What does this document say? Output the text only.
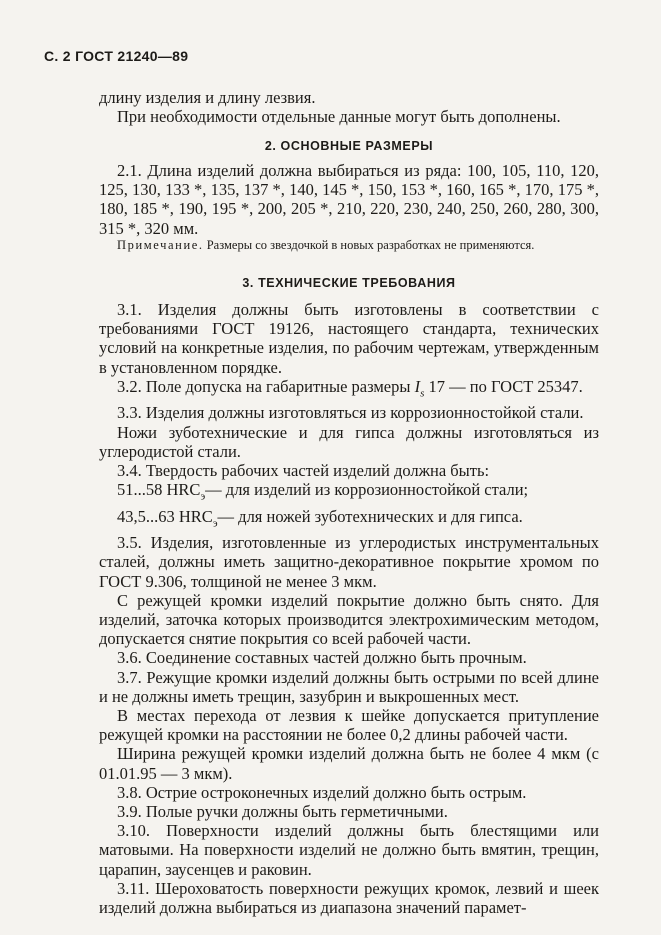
С. 2 ГОСТ 21240—89

длину изделия и длину лезвия.

При необходимости отдельные данные могут быть дополнены.

2. ОСНОВНЫЕ РАЗМЕРЫ

2.1. Длина изделий должна выбираться из ряда: 100, 105, 110, 120, 125, 130, 133 *, 135, 137 *, 140, 145 *, 150, 153 *, 160, 165 *, 170, 175 *, 180, 185 *, 190, 195 *, 200, 205 *, 210, 220, 230, 240, 250, 260, 280, 300, 315 *, 320 мм.

Примечание. Размеры со звездочкой в новых разработках не применяются.

3. ТЕХНИЧЕСКИЕ ТРЕБОВАНИЯ

3.1. Изделия должны быть изготовлены в соответствии с требованиями ГОСТ 19126, настоящего стандарта, технических условий на конкретные изделия, по рабочим чертежам, утвержденным в установленном порядке.

3.2. Поле допуска на габаритные размеры $I_s$ 17 — по ГОСТ 25347.

3.3. Изделия должны изготовляться из коррозионностойкой стали.

Ножи зуботехнические и для гипса должны изготовляться из углеродистой стали.

3.4. Твердость рабочих частей изделий должна быть:

51...58 $HRC_э—$ для изделий из коррозионностойкой стали;

43,5...63 $HRC_э—$ для ножей зуботехнических и для гипса.

3.5. Изделия, изготовленные из углеродистых инструментальных сталей, должны иметь защитно-декоративное покрытие хромом по ГОСТ 9.306, толщиной не менее 3 мкм.

С режущей кромки изделий покрытие должно быть снято. Для изделий, заточка которых производится электрохимическим методом, допускается снятие покрытия со всей рабочей части.

3.6. Соединение составных частей должно быть прочным.

3.7. Режущие кромки изделий должны быть острыми по всей длине и не должны иметь трещин, зазубрин и выкрошенных мест.

В местах перехода от лезвия к шейке допускается притупление режущей кромки на расстоянии не более 0,2 длины рабочей части.

Ширина режущей кромки изделий должна быть не более 4 мкм (с 01.01.95 — 3 мкм).

3.8. Острие остроконечных изделий должно быть острым.

3.9. Полые ручки должны быть герметичными.

3.10. Поверхности изделий должны быть блестящими или матовыми. На поверхности изделий не должно быть вмятин, трещин, царапин, заусенцев и раковин.

3.11. Шероховатость поверхности режущих кромок, лезвий и шеек изделий должна выбираться из диапазона значений парамет-
